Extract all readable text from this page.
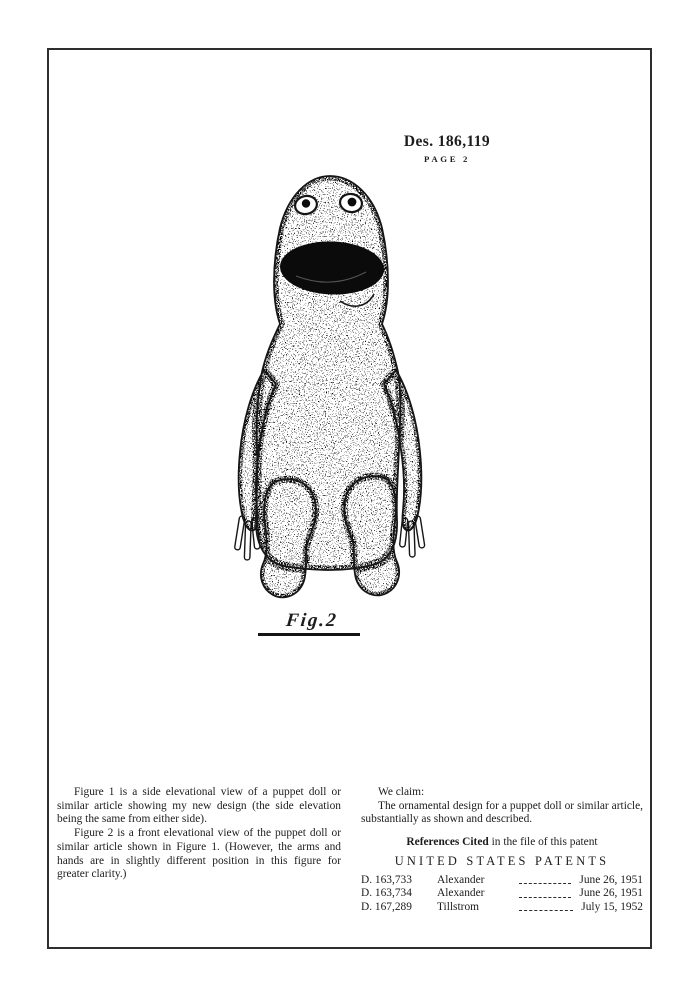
Des. 186,119
PAGE 2
Fig.2

Figure 1 is a side elevational view of a puppet doll or similar article showing my new design (the side elevation being the same from either side).

Figure 2 is a front elevational view of the puppet doll or similar article shown in Figure 1. (However, the arms and hands are in slightly different position in this figure for greater clarity.)

We claim:

The ornamental design for a puppet doll or similar article, substantially as shown and described.

References Cited in the file of this patent
UNITED STATES PATENTS
D. 163,733	Alexander	June 26, 1951
D. 163,734	Alexander	June 26, 1951
D. 167,289	Tillstrom	July 15, 1952
